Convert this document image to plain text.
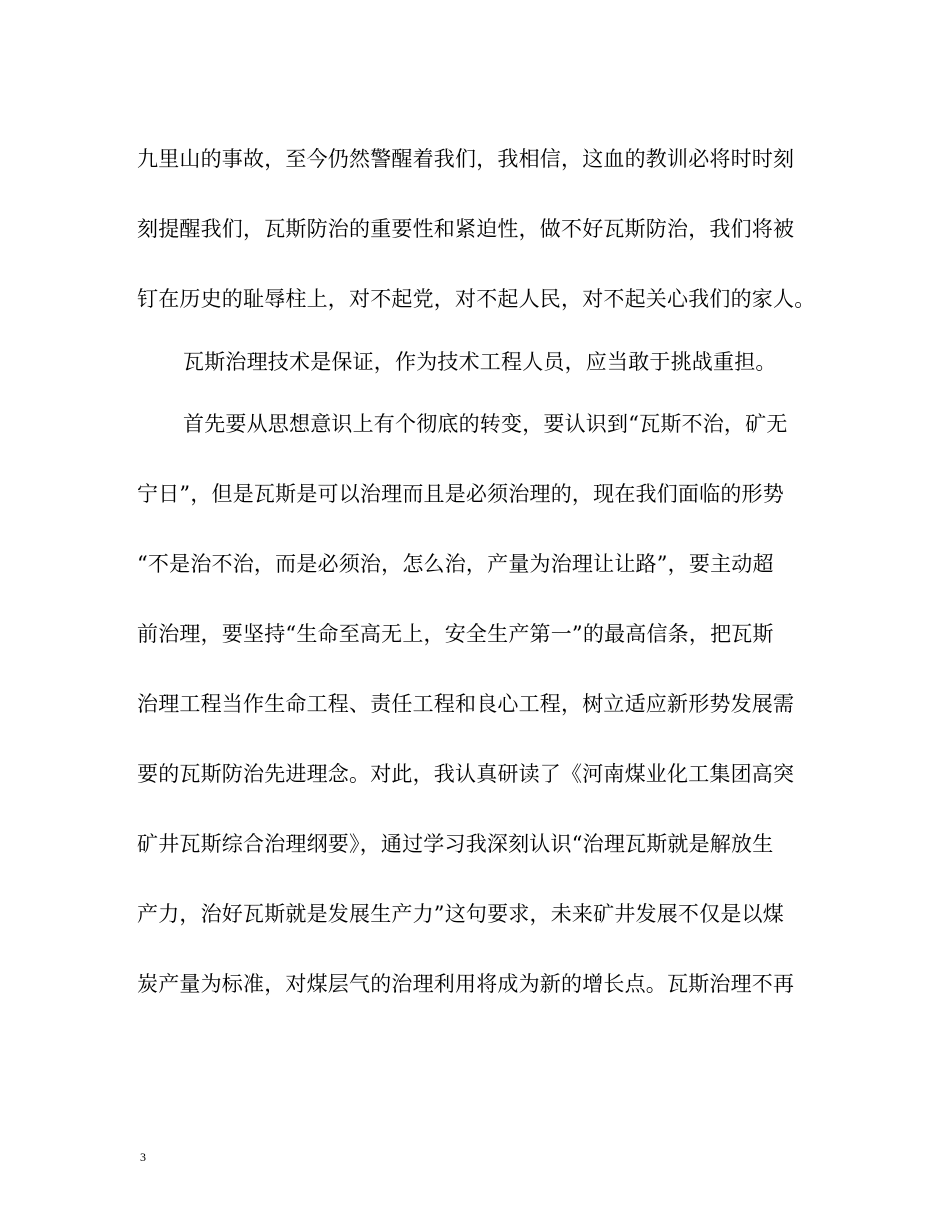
九里山的事故，至今仍然警醒着我们，我相信，这血的教训必将时时刻
刻提醒我们，瓦斯防治的重要性和紧迫性，做不好瓦斯防治，我们将被
钉在历史的耻辱柱上，对不起党，对不起人民，对不起关心我们的家人。
瓦斯治理技术是保证，作为技术工程人员，应当敢于挑战重担。
首先要从思想意识上有个彻底的转变，要认识到“瓦斯不治，矿无
宁日”，但是瓦斯是可以治理而且是必须治理的，现在我们面临的形势
“不是治不治，而是必须治，怎么治，产量为治理让让路”，要主动超
前治理，要坚持“生命至高无上，安全生产第一”的最高信条，把瓦斯
治理工程当作生命工程、责任工程和良心工程，树立适应新形势发展需
要的瓦斯防治先进理念。对此，我认真研读了《河南煤业化工集团高突
矿井瓦斯综合治理纲要》，通过学习我深刻认识“治理瓦斯就是解放生
产力，治好瓦斯就是发展生产力”这句要求，未来矿井发展不仅是以煤
炭产量为标准，对煤层气的治理利用将成为新的增长点。瓦斯治理不再
3
